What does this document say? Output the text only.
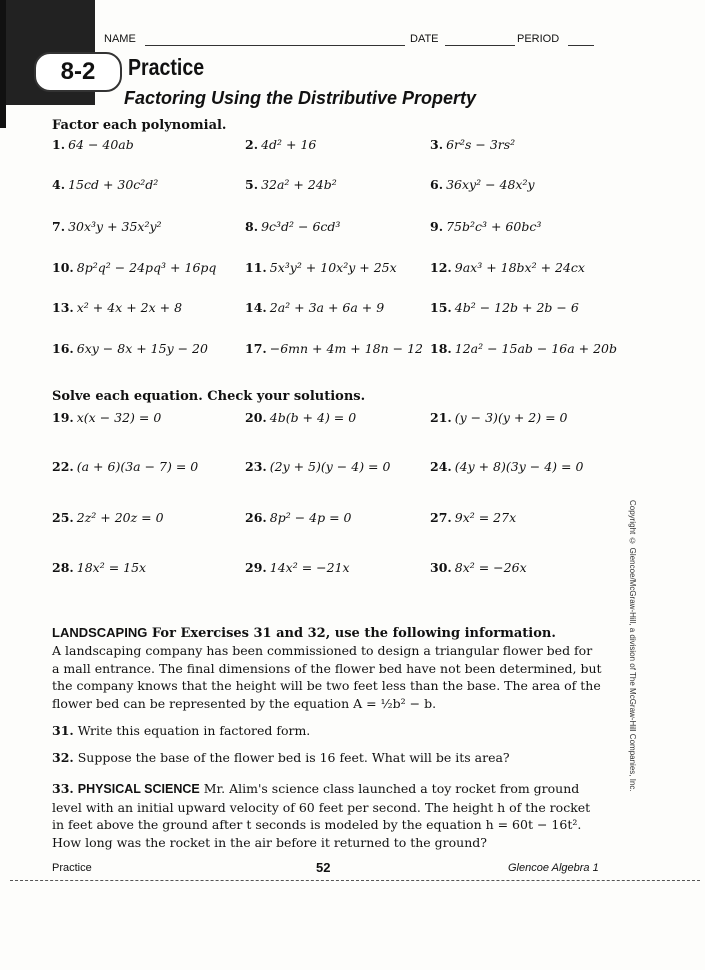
8-2
NAME	DATE	PERIOD
Practice
Factoring Using the Distributive Property
Factor each polynomial.
1. 64 − 40ab	2. 4d² + 16	3. 6r²s − 3rs²
4. 15cd + 30c²d²	5. 32a² + 24b²	6. 36xy² − 48x²y
7. 30x³y + 35x²y²	8. 9c³d² − 6cd³	9. 75b²c³ + 60bc³
10. 8p²q² − 24pq³ + 16pq 11. 5x³y² + 10x²y + 25x	12. 9ax³ + 18bx² + 24cx
13. x² + 4x + 2x + 8	14. 2a² + 3a + 6a + 9	15. 4b² − 12b + 2b − 6
16. 6xy − 8x + 15y − 20	17. −6mn + 4m + 18n − 12 18. 12a² − 15ab − 16a + 20b
Solve each equation. Check your solutions.
19. x(x − 32) = 0	20. 4b(b + 4) = 0	21. (y − 3)(y + 2) = 0
22. (a + 6)(3a − 7) = 0	23. (2y + 5)(y − 4) = 0	24. (4y + 8)(3y − 4) = 0
25. 2z² + 20z = 0	26. 8p² − 4p = 0	27. 9x² = 27x
28. 18x² = 15x	29. 14x² = −21x	30. 8x² = −26x
LANDSCAPING For Exercises 31 and 32, use the following information.
A landscaping company has been commissioned to design a triangular flower bed for a mall entrance. The final dimensions of the flower bed have not been determined, but the company knows that the height will be two feet less than the base. The area of the flower bed can be represented by the equation A = ½b² − b.
31. Write this equation in factored form.
32. Suppose the base of the flower bed is 16 feet. What will be its area?
33. PHYSICAL SCIENCE Mr. Alim's science class launched a toy rocket from ground level with an initial upward velocity of 60 feet per second. The height h of the rocket in feet above the ground after t seconds is modeled by the equation h = 60t − 16t². How long was the rocket in the air before it returned to the ground?
Copyright © Glencoe/McGraw-Hill, a division of The McGraw-Hill Companies, Inc.
Practice	52	Glencoe Algebra 1
